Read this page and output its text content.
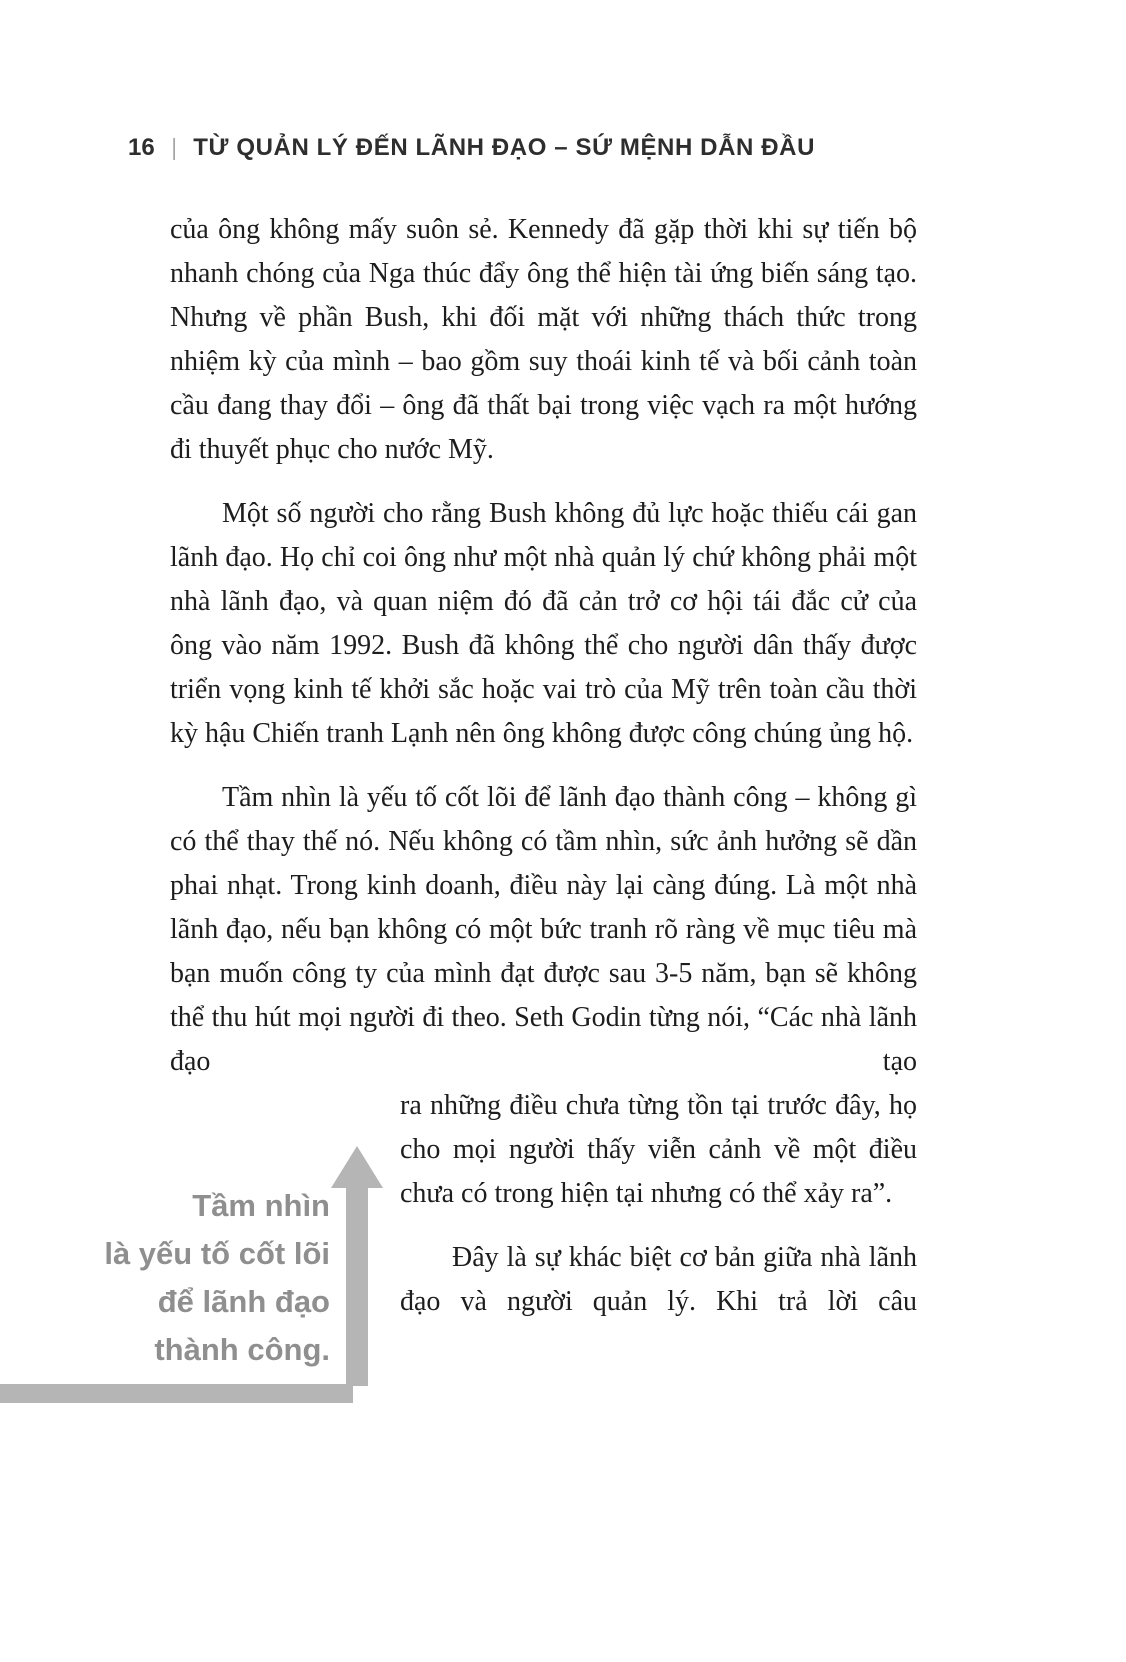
16 | TỪ QUẢN LÝ ĐẾN LÃNH ĐẠO – SỨ MỆNH DẪN ĐẦU

của ông không mấy suôn sẻ. Kennedy đã gặp thời khi sự tiến bộ nhanh chóng của Nga thúc đẩy ông thể hiện tài ứng biến sáng tạo. Nhưng về phần Bush, khi đối mặt với những thách thức trong nhiệm kỳ của mình – bao gồm suy thoái kinh tế và bối cảnh toàn cầu đang thay đổi – ông đã thất bại trong việc vạch ra một hướng đi thuyết phục cho nước Mỹ.

Một số người cho rằng Bush không đủ lực hoặc thiếu cái gan lãnh đạo. Họ chỉ coi ông như một nhà quản lý chứ không phải một nhà lãnh đạo, và quan niệm đó đã cản trở cơ hội tái đắc cử của ông vào năm 1992. Bush đã không thể cho người dân thấy được triển vọng kinh tế khởi sắc hoặc vai trò của Mỹ trên toàn cầu thời kỳ hậu Chiến tranh Lạnh nên ông không được công chúng ủng hộ.

Tầm nhìn là yếu tố cốt lõi để lãnh đạo thành công – không gì có thể thay thế nó. Nếu không có tầm nhìn, sức ảnh hưởng sẽ dần phai nhạt. Trong kinh doanh, điều này lại càng đúng. Là một nhà lãnh đạo, nếu bạn không có một bức tranh rõ ràng về mục tiêu mà bạn muốn công ty của mình đạt được sau 3-5 năm, bạn sẽ không thể thu hút mọi người đi theo. Seth Godin từng nói, “Các nhà lãnh đạo tạo

ra những điều chưa từng tồn tại trước đây, họ cho mọi người thấy viễn cảnh về một điều chưa có trong hiện tại nhưng có thể xảy ra”.

Đây là sự khác biệt cơ bản giữa nhà lãnh đạo và người quản lý. Khi trả lời câu

Tầm nhìn
là yếu tố cốt lõi
để lãnh đạo
thành công.
